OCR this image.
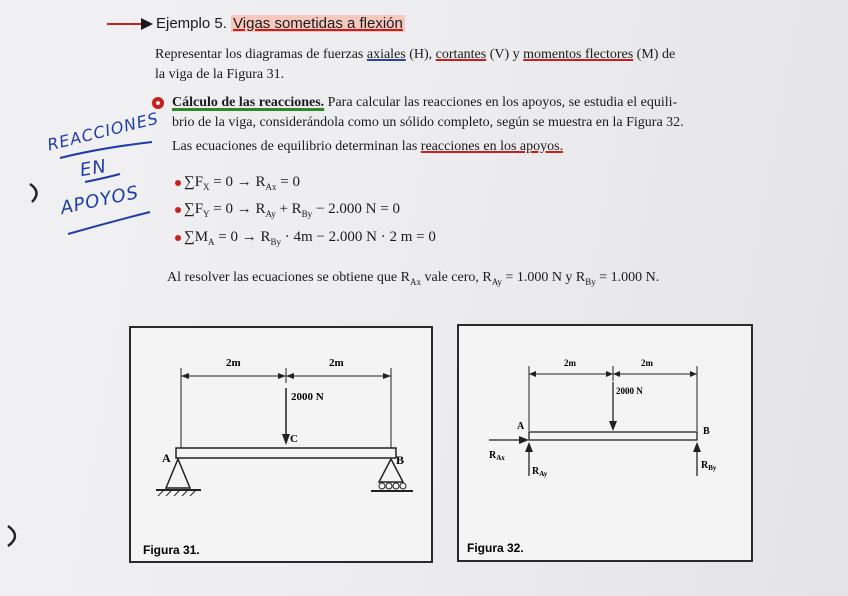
Ejemplo 5. Vigas sometidas a flexión
Representar los diagramas de fuerzas axiales (H), cortantes (V) y momentos flectores (M) de
la viga de la Figura 31.
Cálculo de las reacciones. Para calcular las reacciones en los apoyos, se estudia el equili-
brio de la viga, considerándola como un sólido completo, según se muestra en la Figura 32.
Las ecuaciones de equilibrio determinan las reacciones en los apoyos.
$\sum F_X = 0 \to R_{Ax} = 0$
$\sum F_Y = 0 \to R_{Ay} + R_{By} - 2.000$ N = 0
$\sum M_A = 0 \to R_{By} \cdot 4m - 2.000$ N · 2 m = 0
Al resolver las ecuaciones se obtiene que $R_{Ax}$ vale cero, $R_{Ay} = 1.000$ N y $R_{By} = 1.000$ N.
REACCIONES
EN
APOYOS
2m	2m
2000 N
C
A	B
Figura 31.
2m	2m
2000 N
A	B
$R_{Ax}$
$R_{Ay}$
$R_{By}$
Figura 32.
